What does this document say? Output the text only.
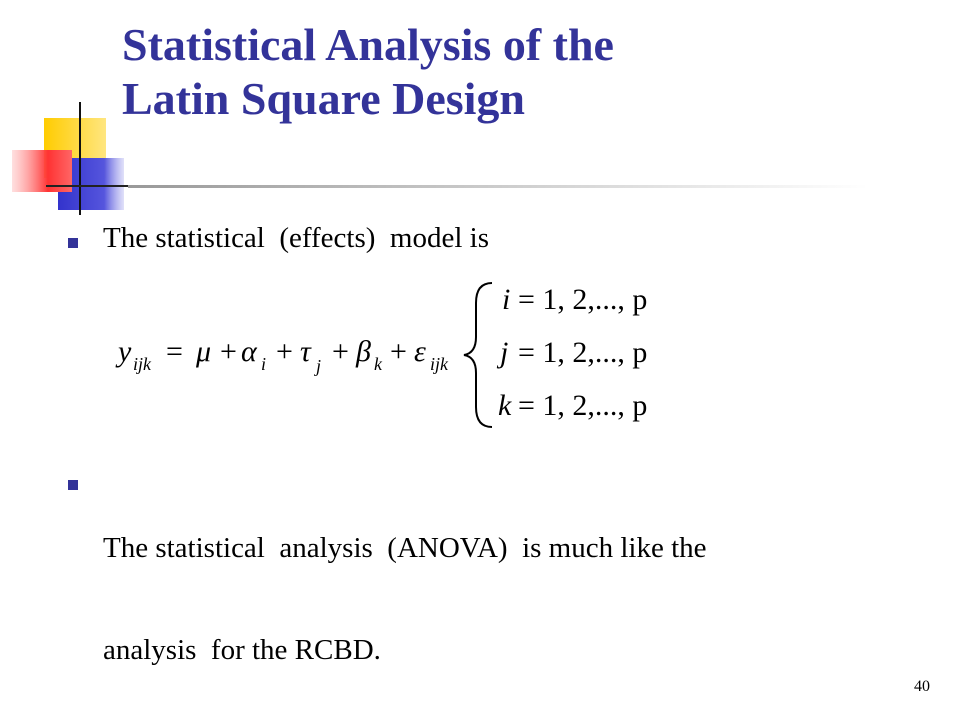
Statistical Analysis of the
Latin Square Design
The statistical  (effects)  model is
y ijk = μ + α i + τ j + β k + ε ijk
i = 1, 2,..., p
j = 1, 2,..., p
k = 1, 2,..., p

The statistical  analysis  (ANOVA)  is much like the

analysis  for the RCBD.

40
